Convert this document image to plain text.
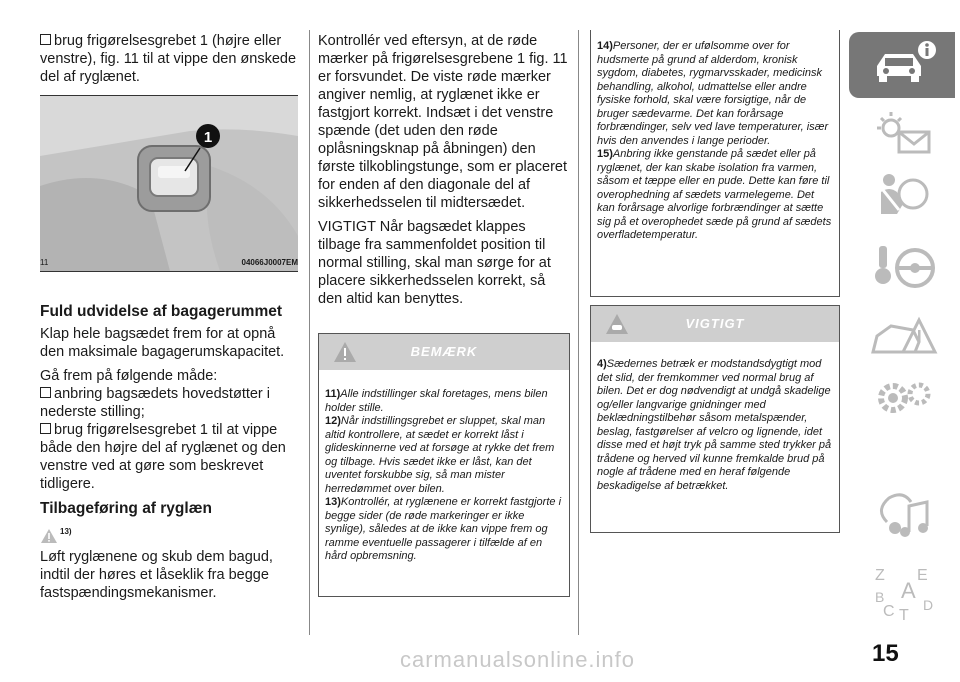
brug frigørelsesgrebet 1 (højre eller venstre), fig. 11 til at vippe den ønskede del af ryglænet.

1
11	04066J0007EM
Fuld udvidelse af bagagerummet

Klap hele bagsædet frem for at opnå den maksimale bagagerumskapacitet.

Gå frem på følgende måde:

anbring bagsædets hovedstøtter i nederste stilling;

brug frigørelsesgrebet 1 til at vippe både den højre del af ryglænet og den venstre ved at gøre som beskrevet tidligere.

Tilbageføring af ryglæn
13)

Løft ryglænene og skub dem bagud, indtil der høres et låseklik fra begge fastspændingsmekanismer.

Kontrollér ved eftersyn, at de røde mærker på frigørelsesgrebene 1 fig. 11 er forsvundet. De viste røde mærker angiver nemlig, at ryglænet ikke er fastgjort korrekt. Indsæt i det venstre spænde (det uden den røde oplåsningsknap på åbningen) den første tilkoblingstunge, som er placeret for enden af den diagonale del af sikkerhedsselen til midtersædet.

VIGTIGT Når bagsædet klappes tilbage fra sammenfoldet position til normal stilling, skal man sørge for at placere sikkerhedsselen korrekt, så den altid kan benyttes.

BEMÆRK
11)Alle indstillinger skal foretages, mens bilen holder stille.
12)Når indstillingsgrebet er sluppet, skal man altid kontrollere, at sædet er korrekt låst i glideskinnerne ved at forsøge at rykke det frem og tilbage. Hvis sædet ikke er låst, kan det uventet forskubbe sig, så man mister herredømmet over bilen.
13)Kontrollér, at ryglænene er korrekt fastgjorte i begge sider (de røde markeringer er ikke synlige), således at de ikke kan vippe frem og ramme eventuelle passagerer i tilfælde af en hård opbremsning.
14)Personer, der er ufølsomme over for hudsmerte på grund af alderdom, kronisk sygdom, diabetes, rygmarvsskader, medicinsk behandling, alkohol, udmattelse eller andre fysiske forhold, skal være forsigtige, når de bruger sædevarme. Det kan forårsage forbrændinger, selv ved lave temperaturer, især hvis den anvendes i lange perioder.
15)Anbring ikke genstande på sædet eller på ryglænet, der kan skabe isolation fra varmen, såsom et tæppe eller en pude. Dette kan føre til overophedning af sædets varmelegeme. Det kan forårsage alvorlige forbrændinger at sætte sig på et overophedet sæde på grund af sædets overfladetemperatur.
VIGTIGT
4)Sædernes betræk er modstandsdygtigt mod det slid, der fremkommer ved normal brug af bilen. Det er dog nødvendigt at undgå skadelige og/eller langvarige gnidninger med beklædningstilbehør såsom metalspænder, beslag, fastgørelser af velcro og lignende, idet disse med et højt tryk på samme sted trykker på trådene og herved vil kunne fremkalde brud på nogle af trådene med en heraf følgende beskadigelse af betrækket.
Z E
A
B
C T
D
15
carmanualsonline.info
